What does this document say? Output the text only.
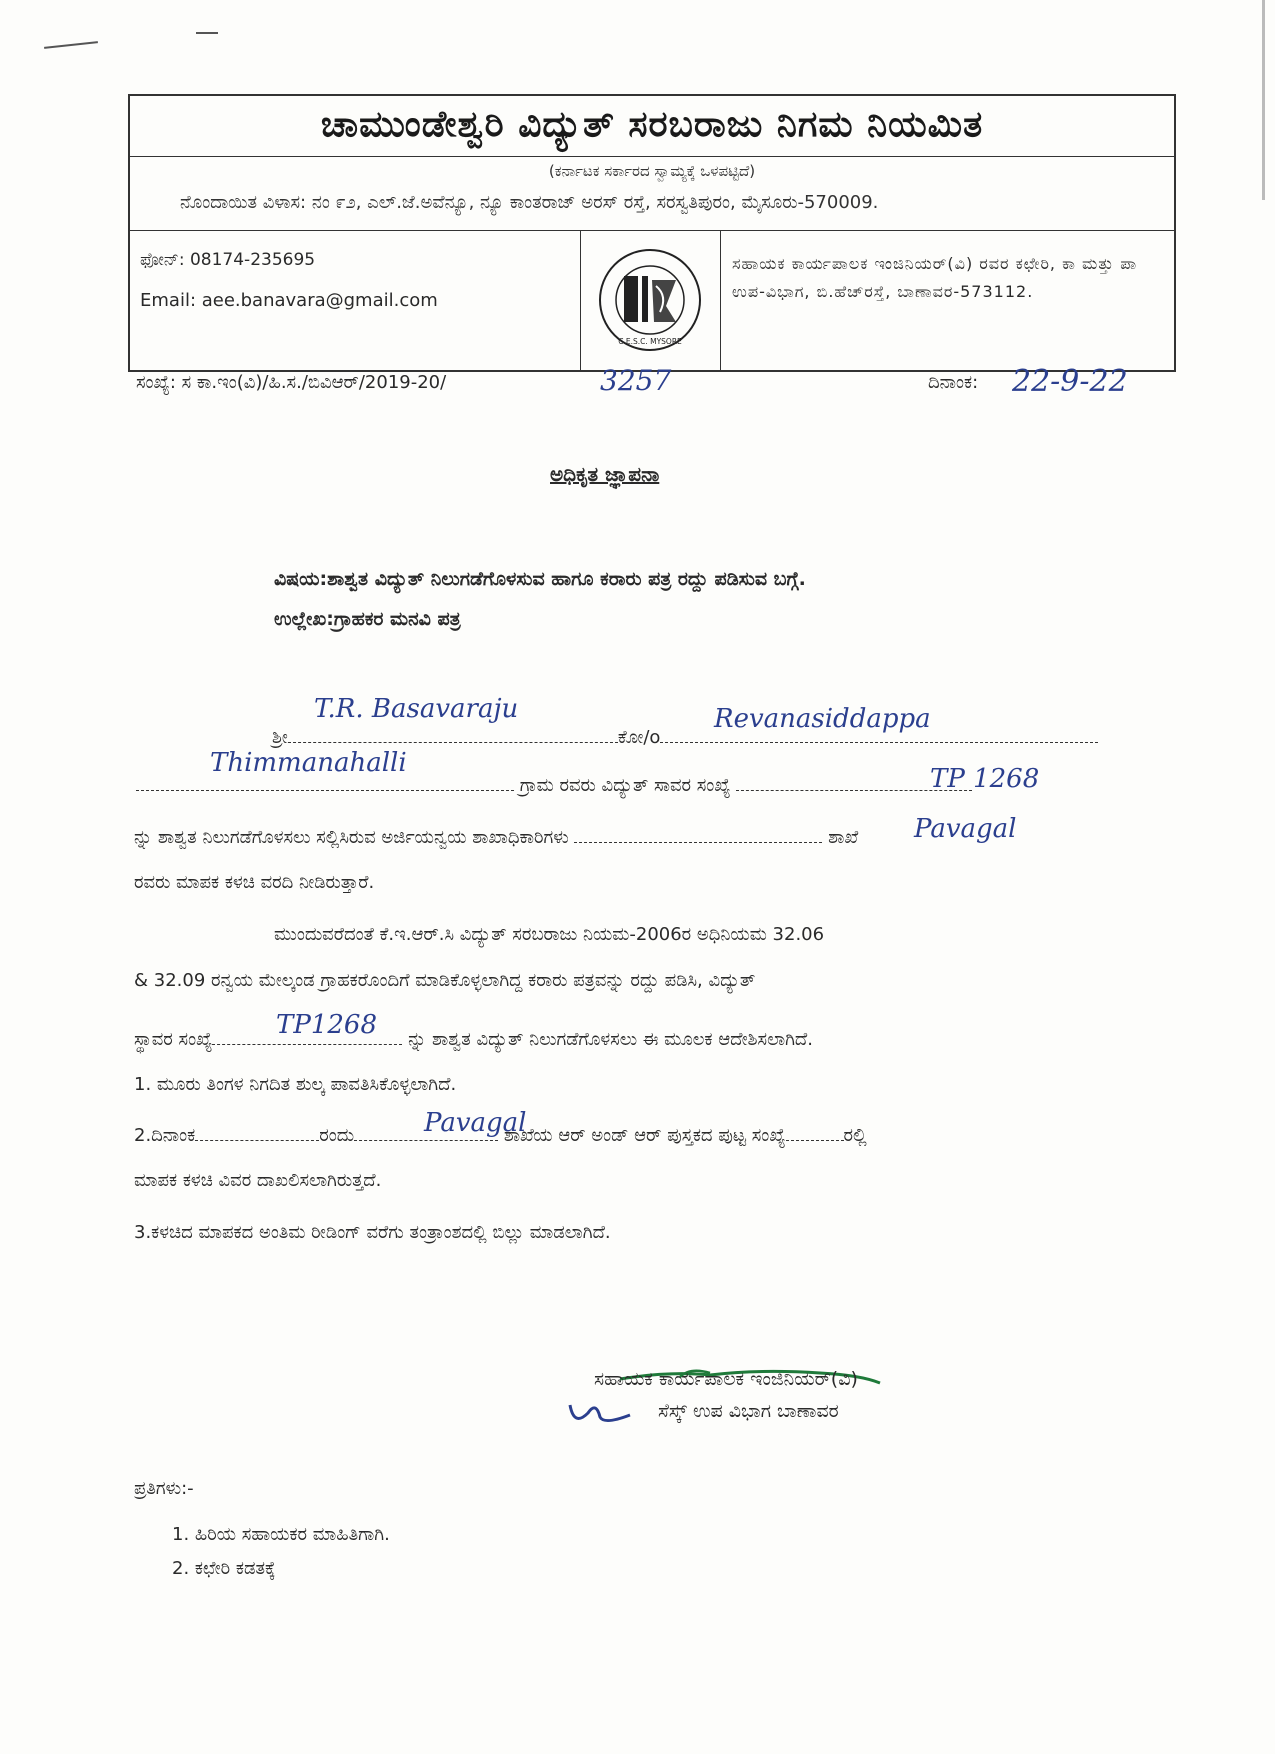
ಚಾಮುಂಡೇಶ್ವರಿ ವಿದ್ಯುತ್ ಸರಬರಾಜು ನಿಗಮ ನಿಯಮಿತ
(ಕರ್ನಾಟಕ ಸರ್ಕಾರದ ಸ್ವಾಮ್ಯಕ್ಕೆ ಒಳಪಟ್ಟಿದೆ)
ನೊಂದಾಯಿತ ವಿಳಾಸ: ನಂ ೯೨, ಎಲ್.ಜೆ.ಅವೆನ್ಯೂ, ನ್ಯೂ ಕಾಂತರಾಜ್ ಅರಸ್ ರಸ್ತೆ, ಸರಸ್ವತಿಪುರಂ, ಮೈಸೂರು-570009.
ಫೋನ್: 08174-235695
Email: aee.banavara@gmail.com
C.E.S.C. MYSORE
ಸಹಾಯಕ ಕಾರ್ಯಪಾಲಕ ಇಂಜಿನಿಯರ್(ವಿ) ರವರ ಕಛೇರಿ, ಕಾ ಮತ್ತು ಪಾ ಉಪ-ವಿಭಾಗ, ಬಿ.ಹೆಚ್‌ರಸ್ತೆ, ಬಾಣಾವರ-573112.
ಸಂಖ್ಯೆ: ಸ ಕಾ.ಇಂ(ವಿ)/ಹಿ.ಸ./ಬಿವಿಆರ್/2019-20/	3257	ದಿನಾಂಕ: 22-9-22
ಅಧಿಕೃತ ಜ್ಞಾಪನಾ
ವಿಷಯ:ಶಾಶ್ವತ ವಿದ್ಯುತ್ ನಿಲುಗಡೆಗೊಳಸುವ ಹಾಗೂ ಕರಾರು ಪತ್ರ ರದ್ದು ಪಡಿಸುವ ಬಗ್ಗೆ.
ಉಲ್ಲೇಖ:ಗ್ರಾಹಕರ ಮನವಿ ಪತ್ರ
ಶ್ರೀ	ಕೋ/o
T.R. Basavaraju	Revanasiddappa
ಗ್ರಾಮ ರವರು ವಿದ್ಯುತ್ ಸಾವರ ಸಂಖ್ಯೆ
Thimmanahalli
TP 1268
ನ್ನು ಶಾಶ್ವತ ನಿಲುಗಡೆಗೊಳಸಲು ಸಲ್ಲಿಸಿರುವ ಅರ್ಜಿಯನ್ವಯ ಶಾಖಾಧಿಕಾರಿಗಳು	ಶಾಖೆ Pavagal
ರವರು ಮಾಪಕ ಕಳಚಿ ವರದಿ ನೀಡಿರುತ್ತಾರೆ.
ಮುಂದುವರೆದಂತೆ ಕೆ.ಇ.ಆರ್.ಸಿ ವಿದ್ಯುತ್ ಸರಬರಾಜು ನಿಯಮ-2006ರ ಅಧಿನಿಯಮ 32.06
& 32.09 ರನ್ವಯ ಮೇಲ್ಕಂಡ ಗ್ರಾಹಕರೊಂದಿಗೆ ಮಾಡಿಕೊಳ್ಳಲಾಗಿದ್ದ ಕರಾರು ಪತ್ರವನ್ನು ರದ್ದು ಪಡಿಸಿ, ವಿದ್ಯುತ್
ಸ್ಥಾವರ ಸಂಖ್ಯೆ	ನ್ನು ಶಾಶ್ವತ ವಿದ್ಯುತ್ ನಿಲುಗಡೆಗೊಳಸಲು ಈ ಮೂಲಕ ಆದೇಶಿಸಲಾಗಿದೆ.
TP1268
1. ಮೂರು ತಿಂಗಳ ನಿಗದಿತ ಶುಲ್ಕ ಪಾವತಿಸಿಕೊಳ್ಳಲಾಗಿದೆ.
2.ದಿನಾಂಕ	ರಂದು	ಶಾಖೆಯ ಆರ್ ಅಂಡ್ ಆರ್ ಪುಸ್ತಕದ ಪುಟ್ಟ ಸಂಖ್ಯೆ	ರಲ್ಲಿ
Pavagal
ಮಾಪಕ ಕಳಚಿ ವಿವರ ದಾಖಲಿಸಲಾಗಿರುತ್ತದೆ.
3.ಕಳಚಿದ ಮಾಪಕದ ಅಂತಿಮ ರೀಡಿಂಗ್ ವರೆಗು ತಂತ್ರಾಂಶದಲ್ಲಿ ಬಿಲ್ಲು ಮಾಡಲಾಗಿದೆ.
ಸಹಾಯಕ ಕಾರ್ಯಪಾಲಕ ಇಂಜಿನಿಯರ್(ವಿ)
ಸೆಸ್ಕ್ ಉಪ ವಿಭಾಗ ಬಾಣಾವರ
ಪ್ರತಿಗಳು:-
1. ಹಿರಿಯ ಸಹಾಯಕರ ಮಾಹಿತಿಗಾಗಿ.
2. ಕಛೇರಿ ಕಡತಕ್ಕೆ
